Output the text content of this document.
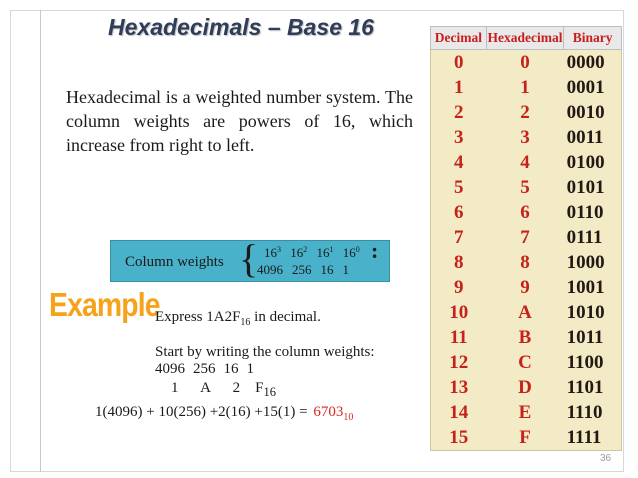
Hexadecimals – Base 16
Hexadecimal is a weighted number system. The column weights are powers of 16, which increase from right to left.
Column weights { $16^3$ $16^2$ $16^1$ $16^0$
4096 256 16 1
:
Example
Express $1A2F_{16}$ in decimal.
Start by writing the column weights:
4096 256 16 1
1      A      2    $F_{16}$
$1(4096) + 10(256) +2(16) +15(1) = 6703_{10}$
Decimal Hexadecimal Binary
0	0	0000
1	1	0001
2	2	0010
3	3	0011
4	4	0100
5	5	0101
6	6	0110
7	7	0111
8	8	1000
9	9	1001
10	A	1010
11	B	1011
12	C	1100
13	D	1101
14	E	1110
15	F	1111
36
